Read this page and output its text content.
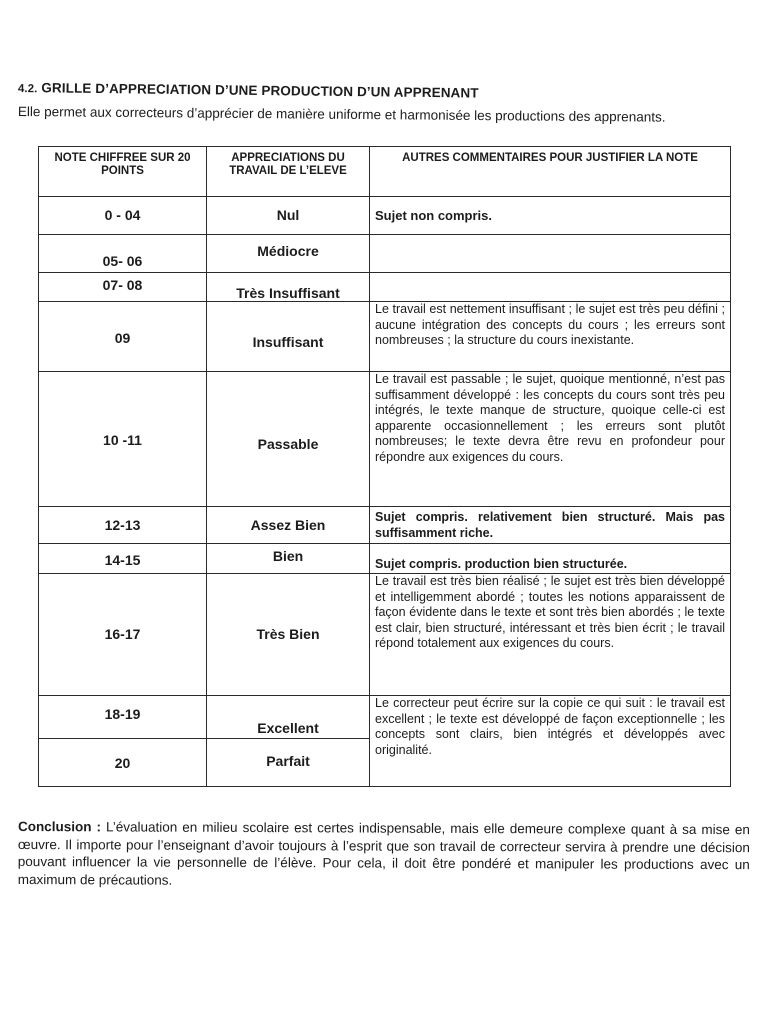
4.2. GRILLE D’APPRECIATION D’UNE PRODUCTION D’UN APPRENANT
Elle permet aux correcteurs d’apprécier de manière uniforme et harmonisée les productions des apprenants.
NOTE CHIFFREE SUR 20 POINTS	APPRECIATIONS DU TRAVAIL DE L’ELEVE	AUTRES COMMENTAIRES POUR JUSTIFIER LA NOTE
0 - 04	Nul	Sujet non compris.
05- 06	Médiocre	
07- 08	Très Insuffisant	
09	Insuffisant	Le travail est nettement insuffisant ; le sujet est très peu défini ; aucune intégration des concepts du cours ; les erreurs sont nombreuses ; la structure du cours inexistante.
10 -11	Passable	Le travail est passable ; le sujet, quoique mentionné, n’est pas suffisamment développé : les concepts du cours sont très peu intégrés, le texte manque de structure, quoique celle-ci est apparente occasionnellement ; les erreurs sont plutôt nombreuses; le texte devra être revu en profondeur pour répondre aux exigences du cours.
12-13	Assez Bien	Sujet compris. relativement bien structuré. Mais pas suffisamment riche.
14-15	Bien	Sujet compris. production bien structurée.
16-17	Très Bien	Le travail est très bien réalisé ; le sujet est très bien développé et intelligemment abordé ; toutes les notions apparaissent de façon évidente dans le texte et sont très bien abordés ; le texte est clair, bien structuré, intéressant et très bien écrit ; le travail répond totalement aux exigences du cours.
18-19	Excellent	Le correcteur peut écrire sur la copie ce qui suit : le travail est excellent ; le texte est développé de façon exceptionnelle ; les concepts sont clairs, bien intégrés et développés avec originalité.
20	Parfait	
Conclusion : L’évaluation en milieu scolaire est certes indispensable, mais elle demeure complexe quant à sa mise en œuvre. Il importe pour l’enseignant d’avoir toujours à l’esprit que son travail de correcteur servira à prendre une décision pouvant influencer la vie personnelle de l’élève. Pour cela, il doit être pondéré et manipuler les productions avec un maximum de précautions.
